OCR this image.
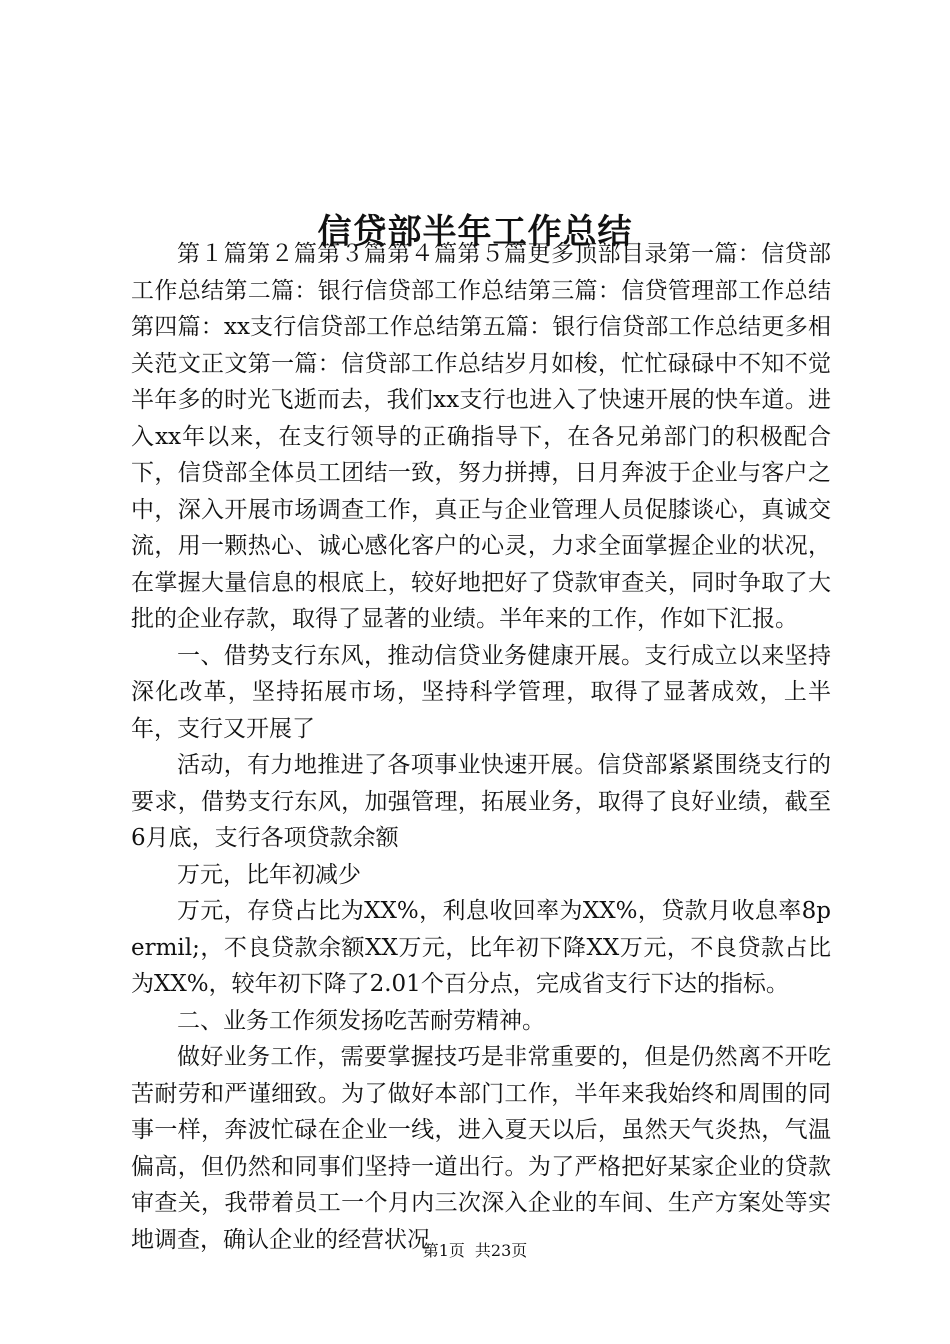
信贷部半年工作总结

第１篇第２篇第３篇第４篇第５篇更多顶部目录第一篇：信贷部工作总结第二篇：银行信贷部工作总结第三篇：信贷管理部工作总结第四篇：xx支行信贷部工作总结第五篇：银行信贷部工作总结更多相关范文正文第一篇：信贷部工作总结岁月如梭，忙忙碌碌中不知不觉半年多的时光飞逝而去，我们xx支行也进入了快速开展的快车道。进入xx年以来，在支行领导的正确指导下，在各兄弟部门的积极配合下，信贷部全体员工团结一致，努力拼搏，日月奔波于企业与客户之中，深入开展市场调查工作，真正与企业管理人员促膝谈心，真诚交流，用一颗热心、诚心感化客户的心灵，力求全面掌握企业的状况，在掌握大量信息的根底上，较好地把好了贷款审查关，同时争取了大批的企业存款，取得了显著的业绩。半年来的工作，作如下汇报。

一、借势支行东风，推动信贷业务健康开展。支行成立以来坚持深化改革，坚持拓展市场，坚持科学管理，取得了显著成效，上半年，支行又开展了

活动，有力地推进了各项事业快速开展。信贷部紧紧围绕支行的要求，借势支行东风，加强管理，拓展业务，取得了良好业绩，截至6月底，支行各项贷款余额

万元，比年初减少

万元，存贷占比为XX%，利息收回率为XX%，贷款月收息率8permil;，不良贷款余额XX万元，比年初下降XX万元，不良贷款占比为XX%，较年初下降了2.01个百分点，完成省支行下达的指标。

二、业务工作须发扬吃苦耐劳精神。

做好业务工作，需要掌握技巧是非常重要的，但是仍然离不开吃苦耐劳和严谨细致。为了做好本部门工作，半年来我始终和周围的同事一样，奔波忙碌在企业一线，进入夏天以后，虽然天气炎热，气温偏高，但仍然和同事们坚持一道出行。为了严格把好某家企业的贷款审查关，我带着员工一个月内三次深入企业的车间、生产方案处等实地调查，确认企业的经营状况

第1页 共23页
